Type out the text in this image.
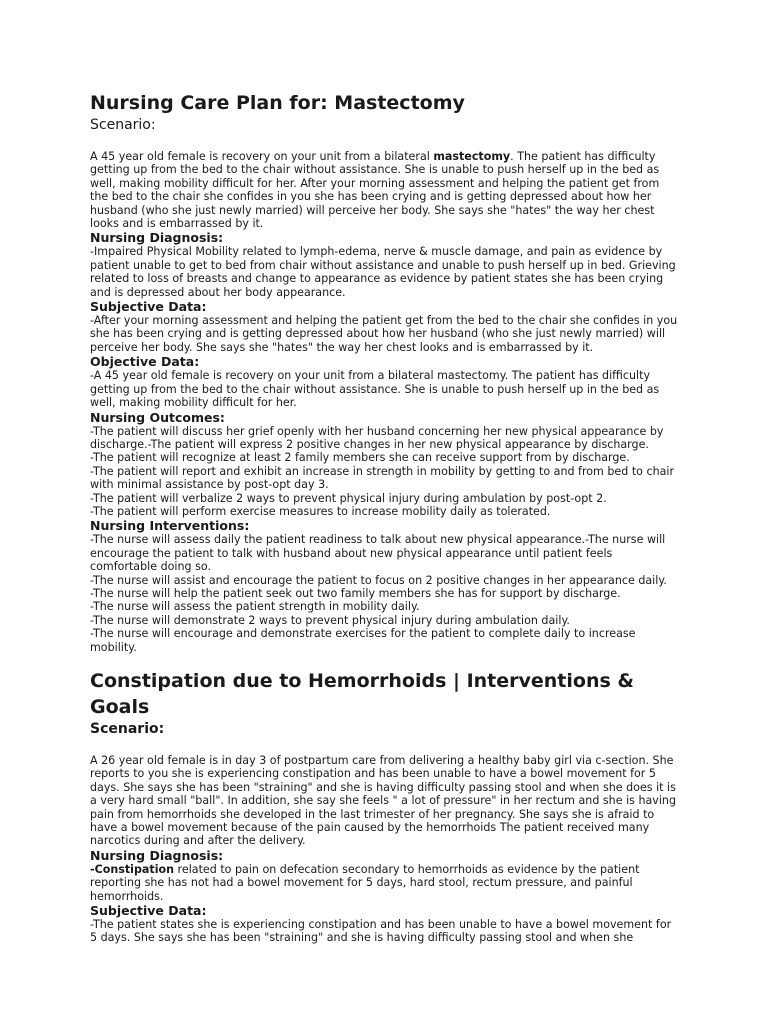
Nursing Care Plan for: Mastectomy
Scenario:

A 45 year old female is recovery on your unit from a bilateral mastectomy. The patient has difficulty getting up from the bed to the chair without assistance. She is unable to push herself up in the bed as well, making mobility difficult for her. After your morning assessment and helping the patient get from the bed to the chair she confides in you she has been crying and is getting depressed about how her husband (who she just newly married) will perceive her body. She says she "hates" the way her chest looks and is embarrassed by it.

Nursing Diagnosis:

-Impaired Physical Mobility related to lymph-edema, nerve & muscle damage, and pain as evidence by patient unable to get to bed from chair without assistance and unable to push herself up in bed. Grieving related to loss of breasts and change to appearance as evidence by patient states she has been crying and is depressed about her body appearance.

Subjective Data:

-After your morning assessment and helping the patient get from the bed to the chair she confides in you she has been crying and is getting depressed about how her husband (who she just newly married) will perceive her body. She says she "hates" the way her chest looks and is embarrassed by it.

Objective Data:

-A 45 year old female is recovery on your unit from a bilateral mastectomy. The patient has difficulty getting up from the bed to the chair without assistance. She is unable to push herself up in the bed as well, making mobility difficult for her.

Nursing Outcomes:

-The patient will discuss her grief openly with her husband concerning her new physical appearance by discharge.-The patient will express 2 positive changes in her new physical appearance by discharge.

-The patient will recognize at least 2 family members she can receive support from by discharge.

-The patient will report and exhibit an increase in strength in mobility by getting to and from bed to chair with minimal assistance by post-opt day 3.

-The patient will verbalize 2 ways to prevent physical injury during ambulation by post-opt 2.

-The patient will perform exercise measures to increase mobility daily as tolerated.

Nursing Interventions:

-The nurse will assess daily the patient readiness to talk about new physical appearance.-The nurse will encourage the patient to talk with husband about new physical appearance until patient feels comfortable doing so.

-The nurse will assist and encourage the patient to focus on 2 positive changes in her appearance daily.

-The nurse will help the patient seek out two family members she has for support by discharge.

-The nurse will assess the patient strength in mobility daily.

-The nurse will demonstrate 2 ways to prevent physical injury during ambulation daily.

-The nurse will encourage and demonstrate exercises for the patient to complete daily to increase mobility.

Constipation due to Hemorrhoids | Interventions & Goals
Scenario:

A 26 year old female is in day 3 of postpartum care from delivering a healthy baby girl via c-section. She reports to you she is experiencing constipation and has been unable to have a bowel movement for 5 days. She says she has been "straining" and she is having difficulty passing stool and when she does it is a very hard small "ball". In addition, she say she feels " a lot of pressure" in her rectum and she is having pain from hemorrhoids she developed in the last trimester of her pregnancy. She says she is afraid to have a bowel movement because of the pain caused by the hemorrhoids The patient received many narcotics during and after the delivery.

Nursing Diagnosis:

-Constipation related to pain on defecation secondary to hemorrhoids as evidence by the patient reporting she has not had a bowel movement for 5 days, hard stool, rectum pressure, and painful hemorrhoids.

Subjective Data:

-The patient states she is experiencing constipation and has been unable to have a bowel movement for 5 days. She says she has been "straining" and she is having difficulty passing stool and when she
